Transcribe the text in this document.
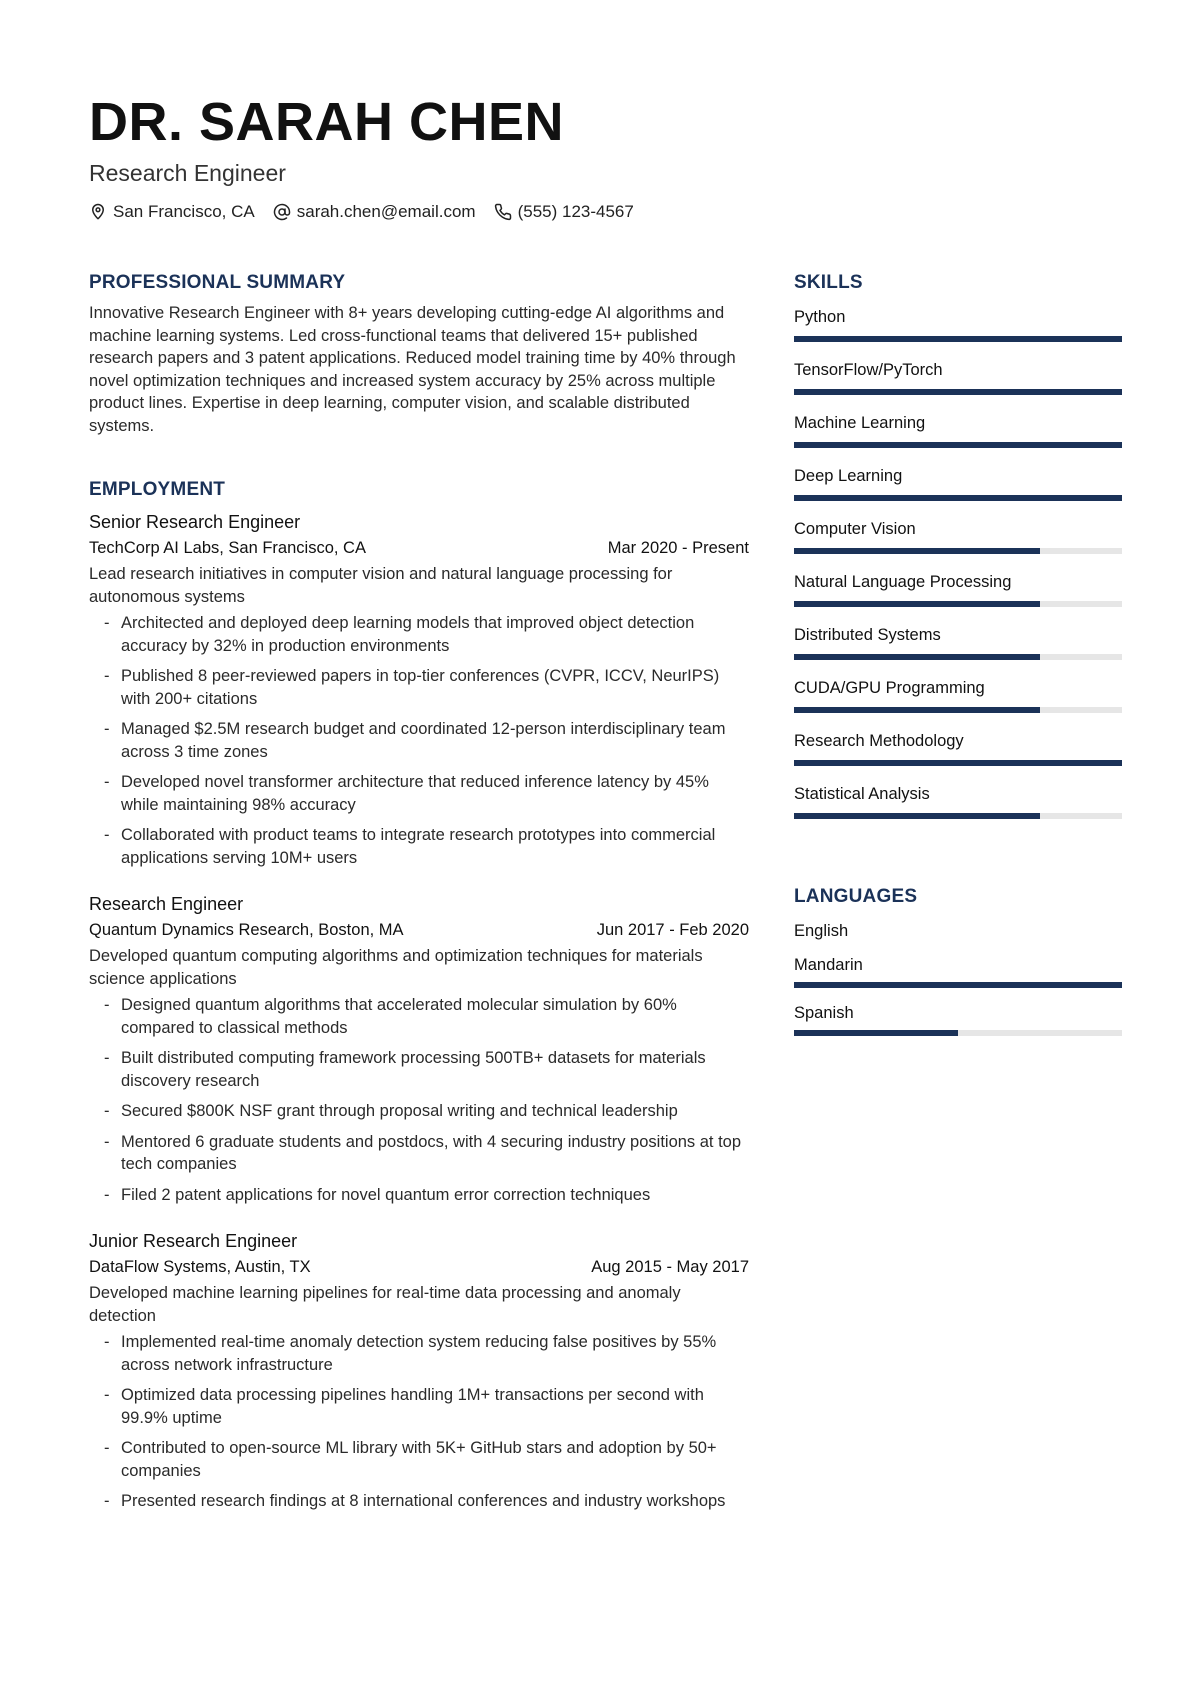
DR. SARAH CHEN
Research Engineer
San Francisco, CA sarah.chen@email.com (555) 123-4567
PROFESSIONAL SUMMARY

Innovative Research Engineer with 8+ years developing cutting-edge AI algorithms and machine learning systems. Led cross-functional teams that delivered 15+ published research papers and 3 patent applications. Reduced model training time by 40% through novel optimization techniques and increased system accuracy by 25% across multiple product lines. Expertise in deep learning, computer vision, and scalable distributed systems.

EMPLOYMENT
Senior Research Engineer
TechCorp AI Labs, San Francisco, CA	Mar 2020 - Present
Lead research initiatives in computer vision and natural language processing for autonomous systems
- Architected and deployed deep learning models that improved object detection accuracy by 32% in production environments
- Published 8 peer-reviewed papers in top-tier conferences (CVPR, ICCV, NeurIPS) with 200+ citations
- Managed $2.5M research budget and coordinated 12-person interdisciplinary team across 3 time zones
- Developed novel transformer architecture that reduced inference latency by 45% while maintaining 98% accuracy
- Collaborated with product teams to integrate research prototypes into commercial applications serving 10M+ users
Research Engineer
Quantum Dynamics Research, Boston, MA	Jun 2017 - Feb 2020
Developed quantum computing algorithms and optimization techniques for materials science applications
- Designed quantum algorithms that accelerated molecular simulation by 60% compared to classical methods
- Built distributed computing framework processing 500TB+ datasets for materials discovery research
- Secured $800K NSF grant through proposal writing and technical leadership
- Mentored 6 graduate students and postdocs, with 4 securing industry positions at top tech companies
- Filed 2 patent applications for novel quantum error correction techniques
Junior Research Engineer
DataFlow Systems, Austin, TX	Aug 2015 - May 2017
Developed machine learning pipelines for real-time data processing and anomaly detection
- Implemented real-time anomaly detection system reducing false positives by 55% across network infrastructure
- Optimized data processing pipelines handling 1M+ transactions per second with 99.9% uptime
- Contributed to open-source ML library with 5K+ GitHub stars and adoption by 50+ companies
- Presented research findings at 8 international conferences and industry workshops
SKILLS
Python
TensorFlow/PyTorch
Machine Learning
Deep Learning
Computer Vision
Natural Language Processing
Distributed Systems
CUDA/GPU Programming
Research Methodology
Statistical Analysis
LANGUAGES
English
Mandarin
Spanish
